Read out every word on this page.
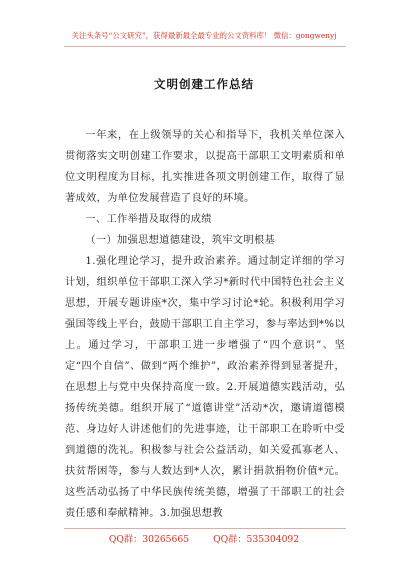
关注头条号“公文研究”，获得最新最全最专业的公文资料库！ 微信：gongwenyj
文明创建工作总结

一年来，在上级领导的关心和指导下，我机关单位深入贯彻落实文明创建工作要求，以提高干部职工文明素质和单位文明程度为目标，扎实推进各项文明创建工作，取得了显著成效，为单位发展营造了良好的环境。

一、工作举措及取得的成绩

（一）加强思想道德建设，筑牢文明根基

1.强化理论学习，提升政治素养。通过制定详细的学习计划，组织单位干部职工深入学习*新时代中国特色社会主义思想，开展专题讲座*次，集中学习讨论*轮。积极利用学习强国等线上平台，鼓励干部职工自主学习，参与率达到*%以上。通过学习，干部职工进一步增强了“四个意识”、坚定“四个自信”、做到“两个维护”，政治素养得到显著提升，在思想上与党中央保持高度一致。2.开展道德实践活动，弘扬传统美德。组织开展了“道德讲堂”活动*次，邀请道德模范、身边好人讲述他们的先进事迹，让干部职工在聆听中受到道德的洗礼。积极参与社会公益活动，如关爱孤寡老人、扶贫帮困等，参与人数达到*人次，累计捐款捐物价值*元。这些活动弘扬了中华民族传统美德，增强了干部职工的社会责任感和奉献精神。3.加强思想教

QQ群：30265665	QQ群：535304092
